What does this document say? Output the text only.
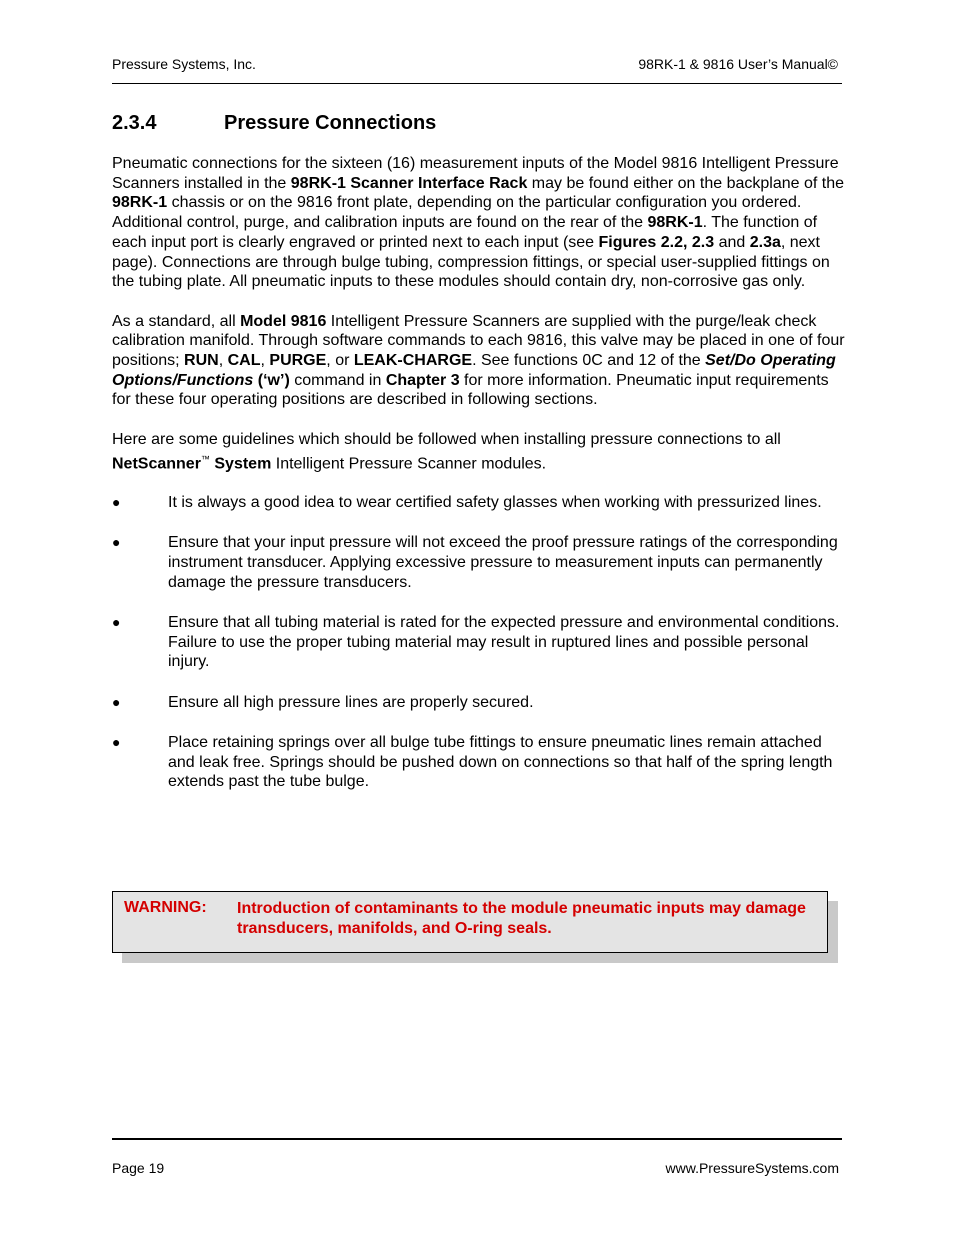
Pressure Systems, Inc.	98RK-1 & 9816 User’s Manual©
2.3.4	Pressure Connections

Pneumatic connections for the sixteen (16) measurement inputs of the Model 9816 Intelligent Pressure Scanners installed in the 98RK-1 Scanner Interface Rack may be found either on the backplane of the 98RK-1 chassis or on the 9816 front plate, depending on the particular configuration you ordered. Additional control, purge, and calibration inputs are found on the rear of the 98RK-1. The function of each input port is clearly engraved or printed next to each input (see Figures 2.2, 2.3 and 2.3a, next page). Connections are through bulge tubing, compression fittings, or special user-supplied fittings on the tubing plate. All pneumatic inputs to these modules should contain dry, non-corrosive gas only.

As a standard, all Model 9816 Intelligent Pressure Scanners are supplied with the purge/leak check calibration manifold. Through software commands to each 9816, this valve may be placed in one of four positions; RUN, CAL, PURGE, or LEAK-CHARGE. See functions 0C and 12 of the Set/Do Operating Options/Functions (‘w’) command in Chapter 3 for more information. Pneumatic input requirements for these four operating positions are described in following sections.

Here are some guidelines which should be followed when installing pressure connections to all NetScanner™ System Intelligent Pressure Scanner modules.

●	It is always a good idea to wear certified safety glasses when working with pressurized lines.
●	Ensure that your input pressure will not exceed the proof pressure ratings of the corresponding instrument transducer. Applying excessive pressure to measurement inputs can permanently damage the pressure transducers.
●	Ensure that all tubing material is rated for the expected pressure and environmental conditions. Failure to use the proper tubing material may result in ruptured lines and possible personal injury.
●	Ensure all high pressure lines are properly secured.
●	Place retaining springs over all bulge tube fittings to ensure pneumatic lines remain attached and leak free. Springs should be pushed down on connections so that half of the spring length extends past the tube bulge.
WARNING: Introduction of contaminants to the module pneumatic inputs may damage transducers, manifolds, and O-ring seals.
Page 19	www.PressureSystems.com
